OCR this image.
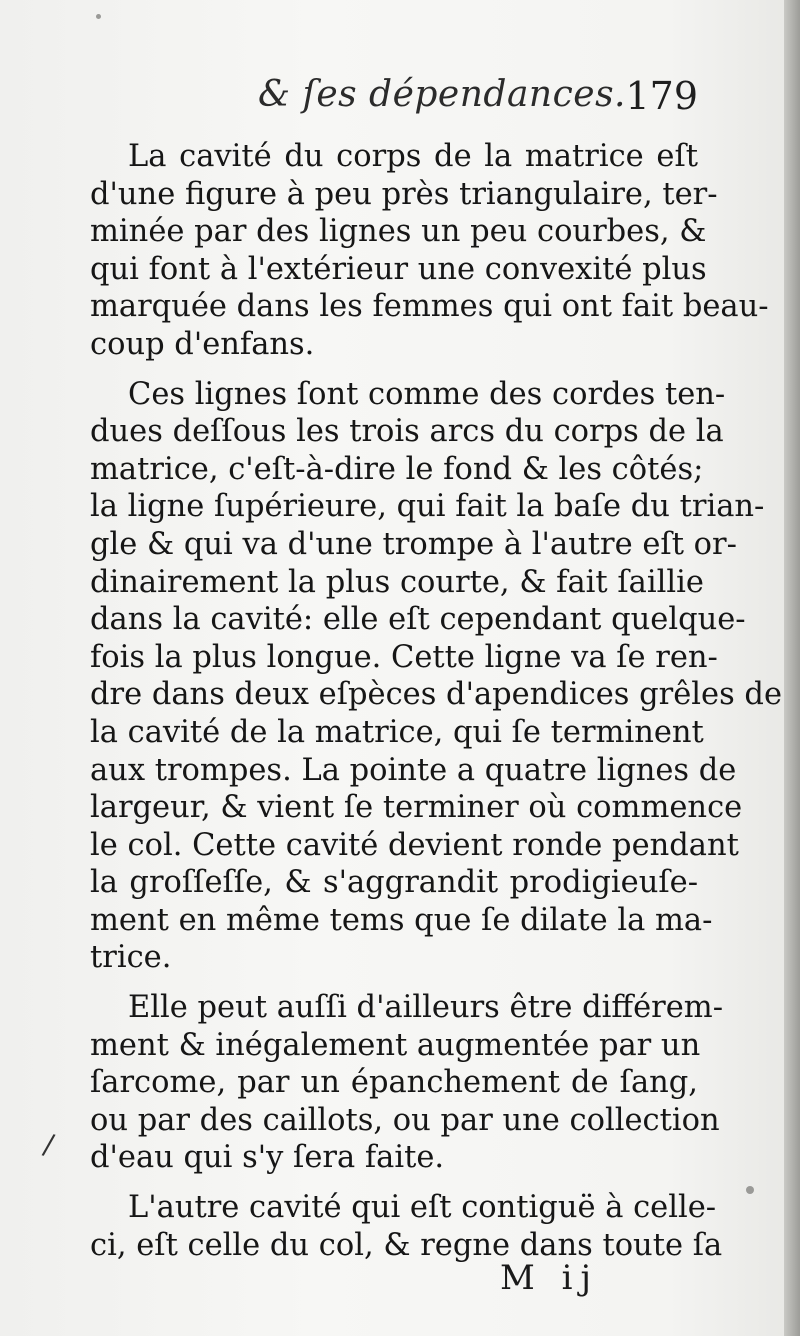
& ſes dépendances. 179
La cavité du corps de la matrice eſt
d'une figure à peu près triangulaire, ter-
minée par des lignes un peu courbes, &
qui font à l'extérieur une convexité plus
marquée dans les femmes qui ont fait beau-
coup d'enfans.
Ces lignes ſont comme des cordes ten-
dues deſſous les trois arcs du corps de la
matrice, c'eſt-à-dire le fond & les côtés;
la ligne ſupérieure, qui fait la baſe du trian-
gle & qui va d'une trompe à l'autre eſt or-
dinairement la plus courte, & fait ſaillie
dans la cavité: elle eſt cependant quelque-
fois la plus longue. Cette ligne va ſe ren-
dre dans deux eſpèces d'apendices grêles de
la cavité de la matrice, qui ſe terminent
aux trompes. La pointe a quatre lignes de
largeur, & vient ſe terminer où commence
le col. Cette cavité devient ronde pendant
la groſſeſſe, & s'aggrandit prodigieuſe-
ment en même tems que ſe dilate la ma-
trice.
Elle peut auſſi d'ailleurs être différem-
ment & inégalement augmentée par un
ſarcome, par un épanchement de ſang,
ou par des caillots, ou par une collection
d'eau qui s'y ſera faite.
L'autre cavité qui eſt contiguë à celle-
ci, eſt celle du col, & regne dans toute ſa
M ij
/
